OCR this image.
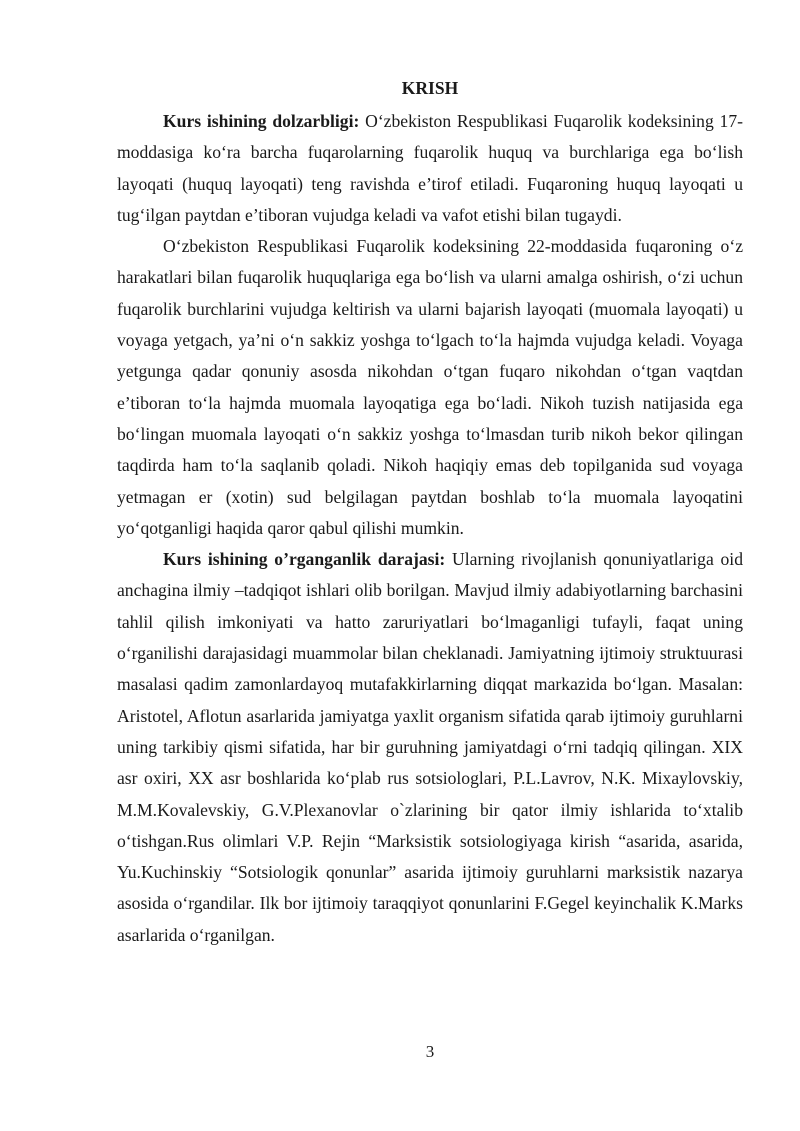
KRISH

Kurs ishining dolzarbligi: O‘zbekiston Respublikasi Fuqarolik kodeksining 17-moddasiga ko‘ra barcha fuqarolarning fuqarolik huquq va burchlariga ega bo‘lish layoqati (huquq layoqati) teng ravishda e’tirof etiladi. Fuqaroning huquq layoqati u tug‘ilgan paytdan e’tiboran vujudga keladi va vafot etishi bilan tugaydi.

O‘zbekiston Respublikasi Fuqarolik kodeksining 22-moddasida fuqaroning o‘z harakatlari bilan fuqarolik huquqlariga ega bo‘lish va ularni amalga oshirish, o‘zi uchun fuqarolik burchlarini vujudga keltirish va ularni bajarish layoqati (muomala layoqati) u voyaga yetgach, ya’ni o‘n sakkiz yoshga to‘lgach to‘la hajmda vujudga keladi. Voyaga yetgunga qadar qonuniy asosda nikohdan o‘tgan fuqaro nikohdan o‘tgan vaqtdan e’tiboran to‘la hajmda muomala layoqatiga ega bo‘ladi. Nikoh tuzish natijasida ega bo‘lingan muomala layoqati o‘n sakkiz yoshga to‘lmasdan turib nikoh bekor qilingan taqdirda ham to‘la saqlanib qoladi. Nikoh haqiqiy emas deb topilganida sud voyaga yetmagan er (xotin) sud belgilagan paytdan boshlab to‘la muomala layoqatini yo‘qotganligi haqida qaror qabul qilishi mumkin.

Kurs ishining o’rganganlik darajasi: Ularning rivojlanish qonuniyatlariga oid anchagina ilmiy –tadqiqot ishlari olib borilgan. Mavjud ilmiy adabiyotlarning barchasini tahlil qilish imkoniyati va hatto zaruriyatlari bo‘lmaganligi tufayli, faqat uning o‘rganilishi darajasidagi muammolar bilan cheklanadi. Jamiyatning ijtimoiy struktuurasi masalasi qadim zamonlardayoq mutafakkirlarning diqqat markazida bo‘lgan. Masalan: Aristotel, Aflotun asarlarida jamiyatga yaxlit organism sifatida qarab ijtimoiy guruhlarni uning tarkibiy qismi sifatida, har bir guruhning jamiyatdagi o‘rni tadqiq qilingan. XIX asr oxiri, XX asr boshlarida ko‘plab rus sotsiologlari, P.L.Lavrov, N.K. Mixaylovskiy, M.M.Kovalevskiy, G.V.Plexanovlar o`zlarining bir qator ilmiy ishlarida to‘xtalib o‘tishgan.Rus olimlari V.P. Rejin “Marksistik sotsiologiyaga kirish “asarida, asarida, Yu.Kuchinskiy “Sotsiologik qonunlar” asarida ijtimoiy guruhlarni marksistik nazarya asosida o‘rgandilar. Ilk bor ijtimoiy taraqqiyot qonunlarini F.Gegel keyinchalik K.Marks asarlarida o‘rganilgan.

3
